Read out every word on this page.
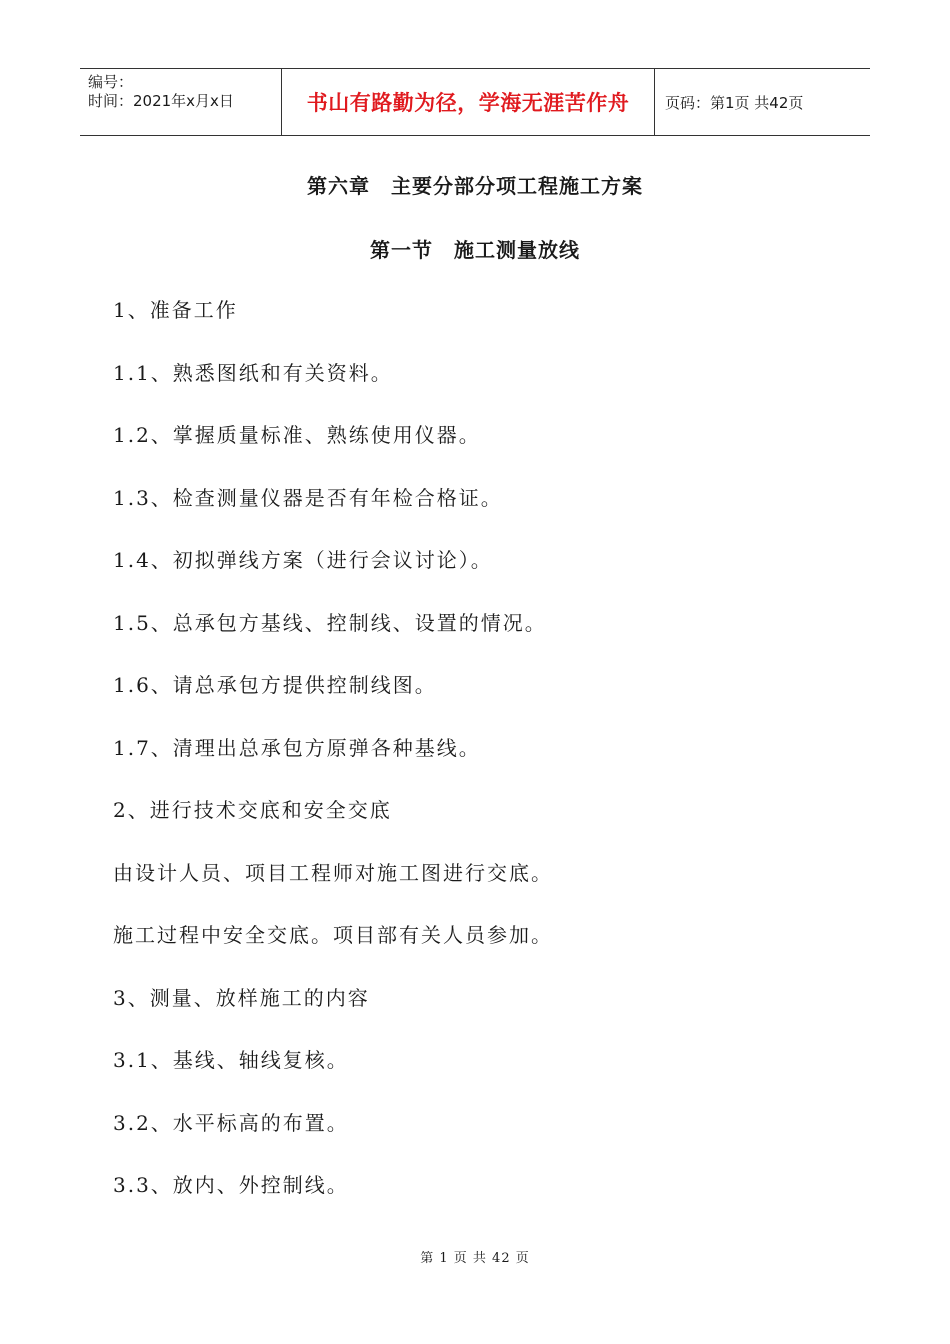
编号：
时间：2021年x月x日	书山有路勤为径，学海无涯苦作舟 页码：第1页 共42页
第六章　主要分部分项工程施工方案
第一节　施工测量放线
1、准备工作
1.1、熟悉图纸和有关资料。
1.2、掌握质量标准、熟练使用仪器。
1.3、检查测量仪器是否有年检合格证。
1.4、初拟弹线方案（进行会议讨论）。
1.5、总承包方基线、控制线、设置的情况。
1.6、请总承包方提供控制线图。
1.7、清理出总承包方原弹各种基线。
2、进行技术交底和安全交底
由设计人员、项目工程师对施工图进行交底。
施工过程中安全交底。项目部有关人员参加。
3、测量、放样施工的内容
3.1、基线、轴线复核。
3.2、水平标高的布置。
3.3、放内、外控制线。
第 1 页 共 42 页
